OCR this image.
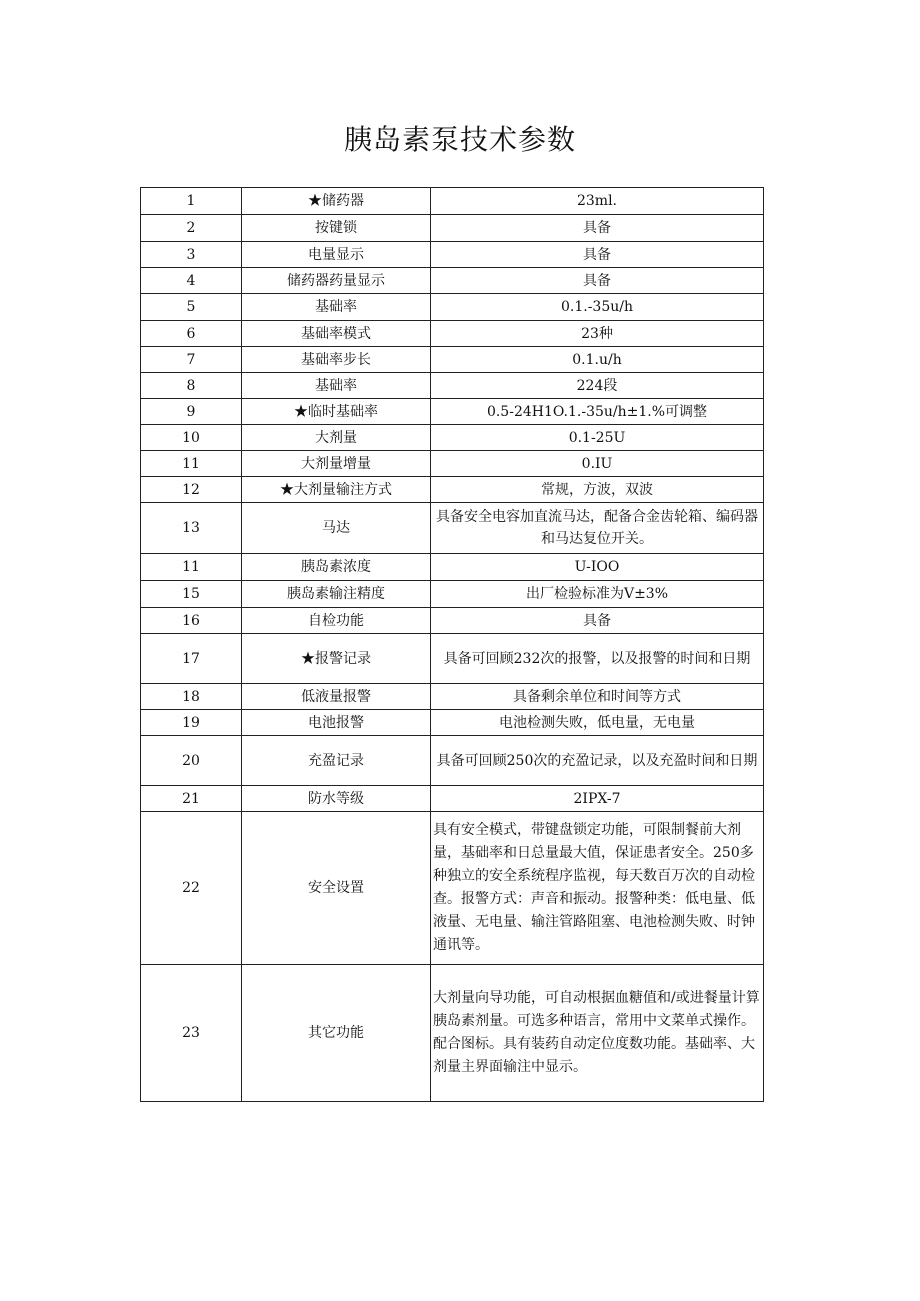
胰岛素泵技术参数
1	★储药器	23ml.
2	按键锁	具备
3	电量显示	具备
4	储药器药量显示	具备
5	基础率	0.1.-35u/h
6	基础率模式	23种
7	基础率步长	0.1.u/h
8	基础率	224段
9	★临时基础率	0.5-24H1O.1.-35u/h±1.%可调整
10	大剂量	0.1-25U
11	大剂量增量	0.IU
12	★大剂量输注方式	常规，方波，双波
13	马达	具备安全电容加直流马达，配备合金齿轮箱、编码器和马达复位开关。
11	胰岛素浓度	U-IOO
15	胰岛素输注精度	出厂检验标准为V±3%
16	自检功能	具备
17	★报警记录	具备可回顾232次的报警，以及报警的时间和日期
18	低液量报警	具备剩余单位和时间等方式
19	电池报警	电池检测失败，低电量，无电量
20	充盈记录	具备可回顾250次的充盈记录，以及充盈时间和日期
21	防水等级	2IPX-7
22	安全设置	具有安全模式，带键盘锁定功能，可限制餐前大剂量，基础率和日总量最大值，保证患者安全。250多种独立的安全系统程序监视，每天数百万次的自动检查。报警方式：声音和振动。报警种类：低电量、低液量、无电量、输注管路阻塞、电池检测失败、时钟通讯等。
23	其它功能	大剂量向导功能，可自动根据血糖值和/或进餐量计算胰岛素剂量。可选多种语言，常用中文菜单式操作。配合图标。具有装药自动定位度数功能。基础率、大剂量主界面输注中显示。
